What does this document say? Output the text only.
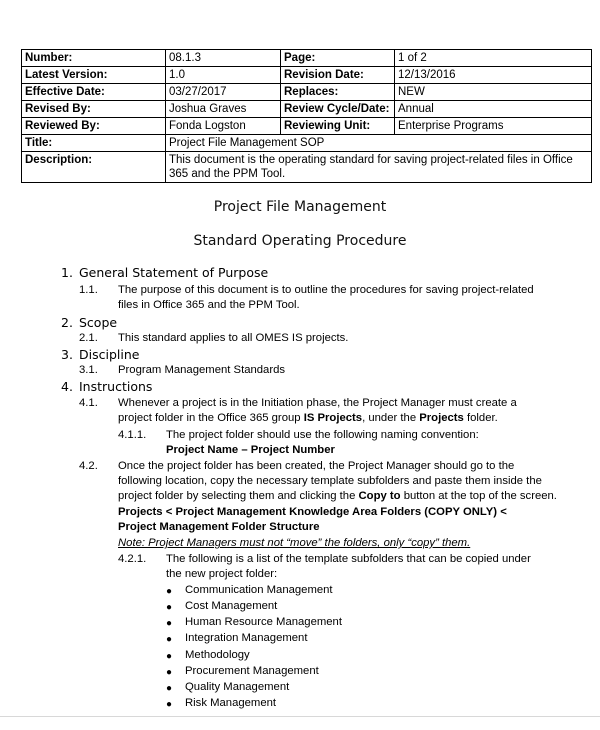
Number:	08.1.3	Page:	1 of 2
Latest Version:	1.0	Revision Date:	12/13/2016
Effective Date:	03/27/2017	Replaces:	NEW
Revised By:	Joshua Graves	Review Cycle/Date:	Annual
Reviewed By:	Fonda Logston	Reviewing Unit:	Enterprise Programs
Title:	Project File Management SOP		
Description:	This document is the operating standard for saving project-related files in Office 365 and the PPM Tool.		
Project File Management
Standard Operating Procedure
1. General Statement of Purpose
1.1. The purpose of this document is to outline the procedures for saving project-related
files in Office 365 and the PPM Tool.
2. Scope
2.1. This standard applies to all OMES IS projects.
3. Discipline
3.1. Program Management Standards
4. Instructions
4.1. Whenever a project is in the Initiation phase, the Project Manager must create a
project folder in the Office 365 group IS Projects, under the Projects folder.
4.1.1. The project folder should use the following naming convention:
Project Name – Project Number
4.2. Once the project folder has been created, the Project Manager should go to the
following location, copy the necessary template subfolders and paste them inside the
project folder by selecting them and clicking the Copy to button at the top of the screen.
Projects < Project Management Knowledge Area Folders (COPY ONLY) <
Project Management Folder Structure
Note: Project Managers must not “move” the folders, only “copy” them.
4.2.1. The following is a list of the template subfolders that can be copied under
the new project folder:
● Communication Management
● Cost Management
● Human Resource Management
● Integration Management
● Methodology
● Procurement Management
● Quality Management
● Risk Management
